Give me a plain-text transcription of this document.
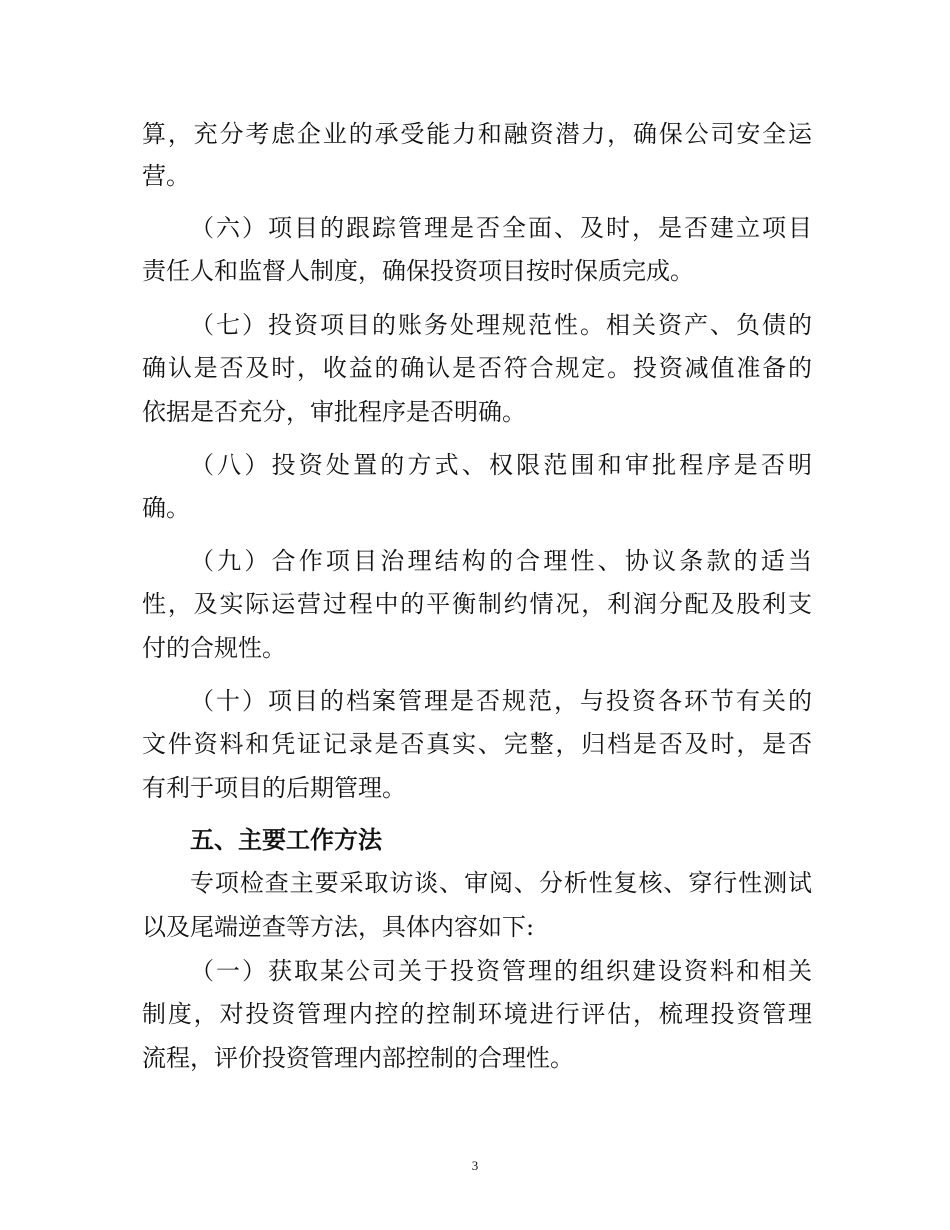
算，充分考虑企业的承受能力和融资潜力，确保公司安全运
营。
（六）项目的跟踪管理是否全面、及时，是否建立项目
责任人和监督人制度，确保投资项目按时保质完成。
（七）投资项目的账务处理规范性。相关资产、负债的
确认是否及时，收益的确认是否符合规定。投资减值准备的
依据是否充分，审批程序是否明确。
（八）投资处置的方式、权限范围和审批程序是否明
确。
（九）合作项目治理结构的合理性、协议条款的适当
性，及实际运营过程中的平衡制约情况，利润分配及股利支
付的合规性。
（十）项目的档案管理是否规范，与投资各环节有关的
文件资料和凭证记录是否真实、完整，归档是否及时，是否
有利于项目的后期管理。
五、主要工作方法
专项检查主要采取访谈、审阅、分析性复核、穿行性测试
以及尾端逆查等方法，具体内容如下:
（一）获取某公司关于投资管理的组织建设资料和相关
制度，对投资管理内控的控制环境进行评估，梳理投资管理
流程，评价投资管理内部控制的合理性。
3
